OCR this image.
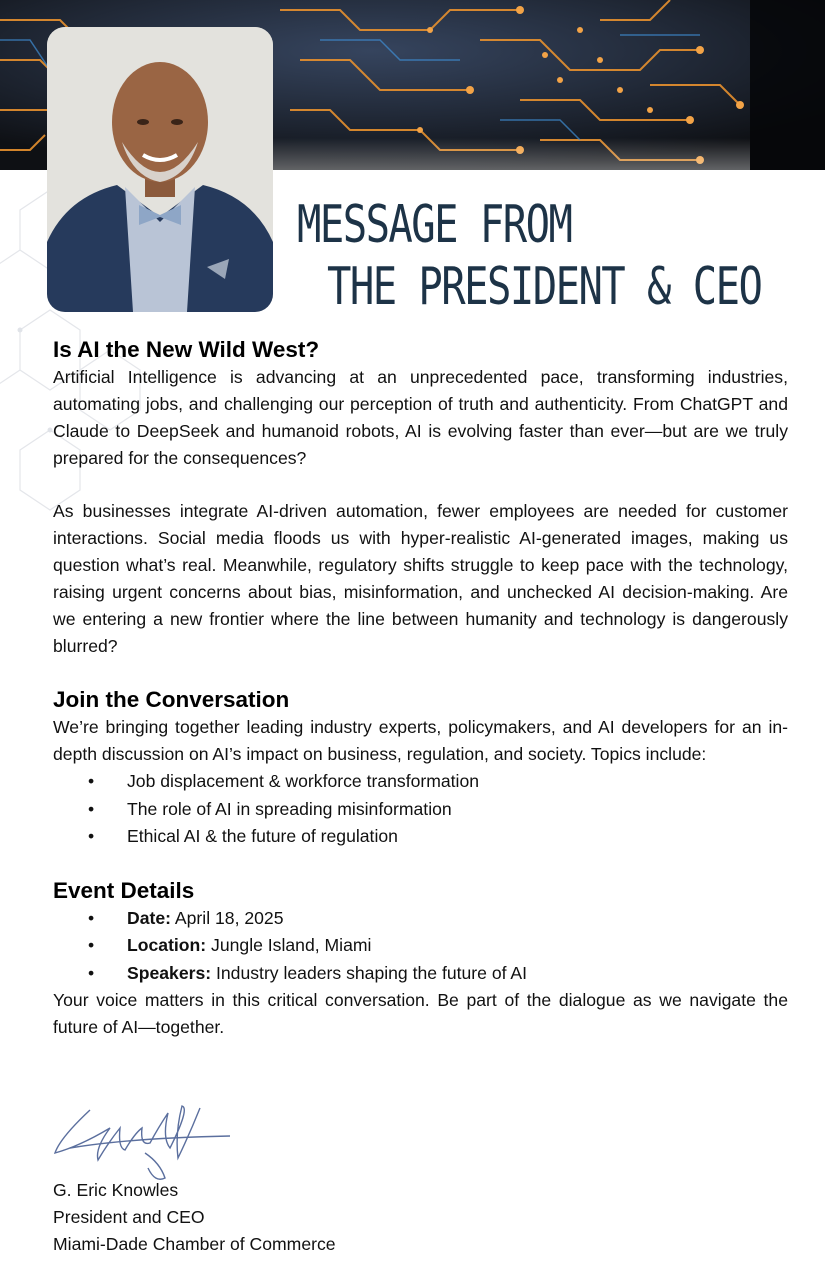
MESSAGE FROM
THE PRESIDENT & CEO
Is AI the New Wild West?

Artificial Intelligence is advancing at an unprecedented pace, transforming industries, automating jobs, and challenging our perception of truth and authenticity. From ChatGPT and Claude to DeepSeek and humanoid robots, AI is evolving faster than ever—but are we truly prepared for the consequences?

As businesses integrate AI-driven automation, fewer employees are needed for customer interactions. Social media floods us with hyper-realistic AI-generated images, making us question what’s real. Meanwhile, regulatory shifts struggle to keep pace with the technology, raising urgent concerns about bias, misinformation, and unchecked AI decision-making. Are we entering a new frontier where the line between humanity and technology is dangerously blurred?

Join the Conversation

We’re bringing together leading industry experts, policymakers, and AI developers for an in-depth discussion on AI’s impact on business, regulation, and society. Topics include:

• Job displacement & workforce transformation
• The role of AI in spreading misinformation
• Ethical AI & the future of regulation
Event Details
• Date: April 18, 2025
• Location: Jungle Island, Miami
• Speakers: Industry leaders shaping the future of AI

Your voice matters in this critical conversation. Be part of the dialogue as we navigate the future of AI—together.

G. Eric Knowles
President and CEO
Miami-Dade Chamber of Commerce
